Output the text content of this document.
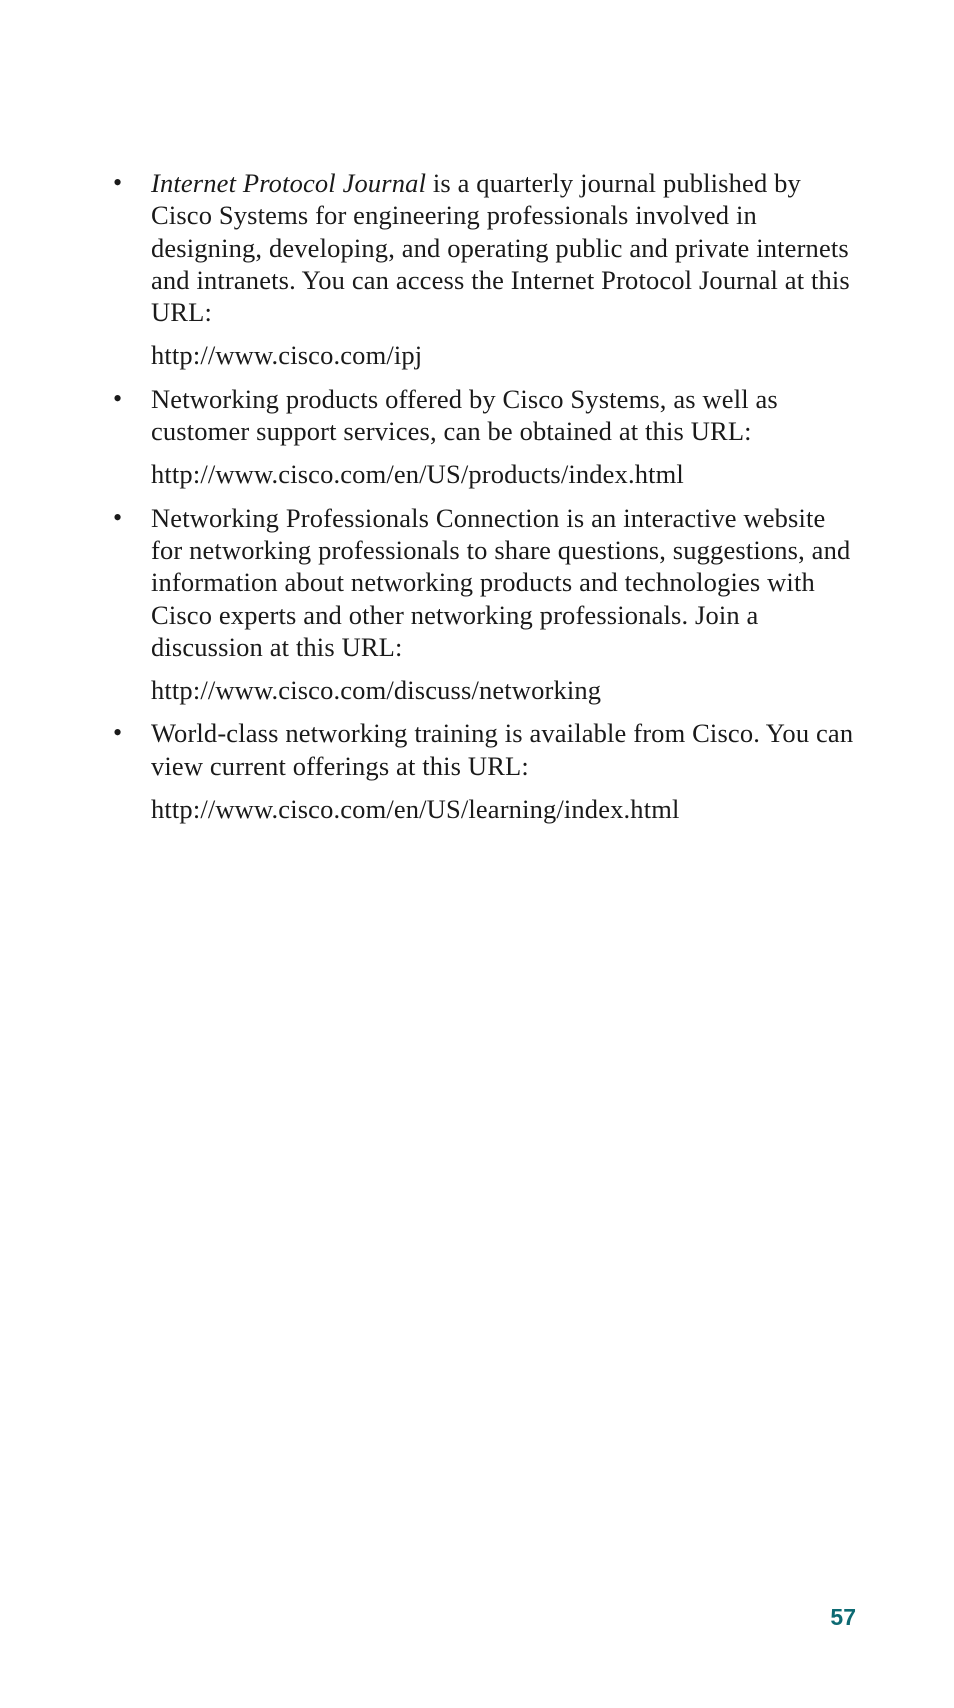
•	Internet Protocol Journal is a quarterly journal published by Cisco Systems for engineering professionals involved in designing, developing, and operating public and private internets and intranets. You can access the Internet Protocol Journal at this URL:
http://www.cisco.com/ipj
•	Networking products offered by Cisco Systems, as well as customer support services, can be obtained at this URL:
http://www.cisco.com/en/US/products/index.html
•	Networking Professionals Connection is an interactive website for networking professionals to share questions, suggestions, and information about networking products and technologies with Cisco experts and other networking professionals. Join a discussion at this URL:
http://www.cisco.com/discuss/networking
•	World-class networking training is available from Cisco. You can view current offerings at this URL:
http://www.cisco.com/en/US/learning/index.html
57
